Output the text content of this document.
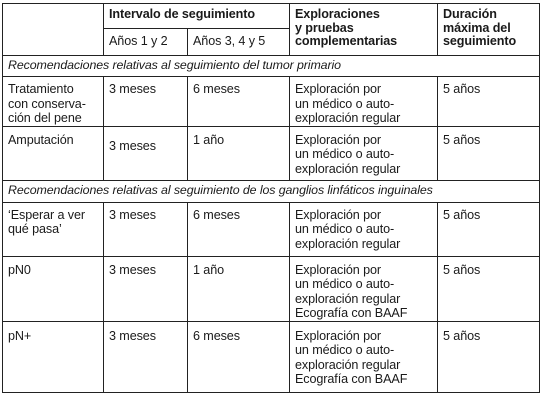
	Intervalo de seguimiento		Exploraciones
y pruebas
complementarias	Duración
máxima del
seguimiento

	Años 1 y 2	Años 3, 4 y 5		
Recomendaciones relativas al seguimiento del tumor primario				

Tratamiento
con conserva-
ción del pene	3 meses	6 meses	Exploración por
un médico o auto-
exploración regular	5 años

Amputación	3 meses	1 año	Exploración por
un médico o auto-
exploración regular	5 años
Recomendaciones relativas al seguimiento de los ganglios linfáticos inguinales				

‘Esperar a ver
qué pasa’	3 meses	6 meses	Exploración por
un médico o auto-
exploración regular	5 años

pN0	3 meses	1 año	Exploración por
un médico o auto-
exploración regular
Ecografía con BAAF	5 años

pN+	3 meses	6 meses	Exploración por
un médico o auto-
exploración regular
Ecografía con BAAF	5 años
